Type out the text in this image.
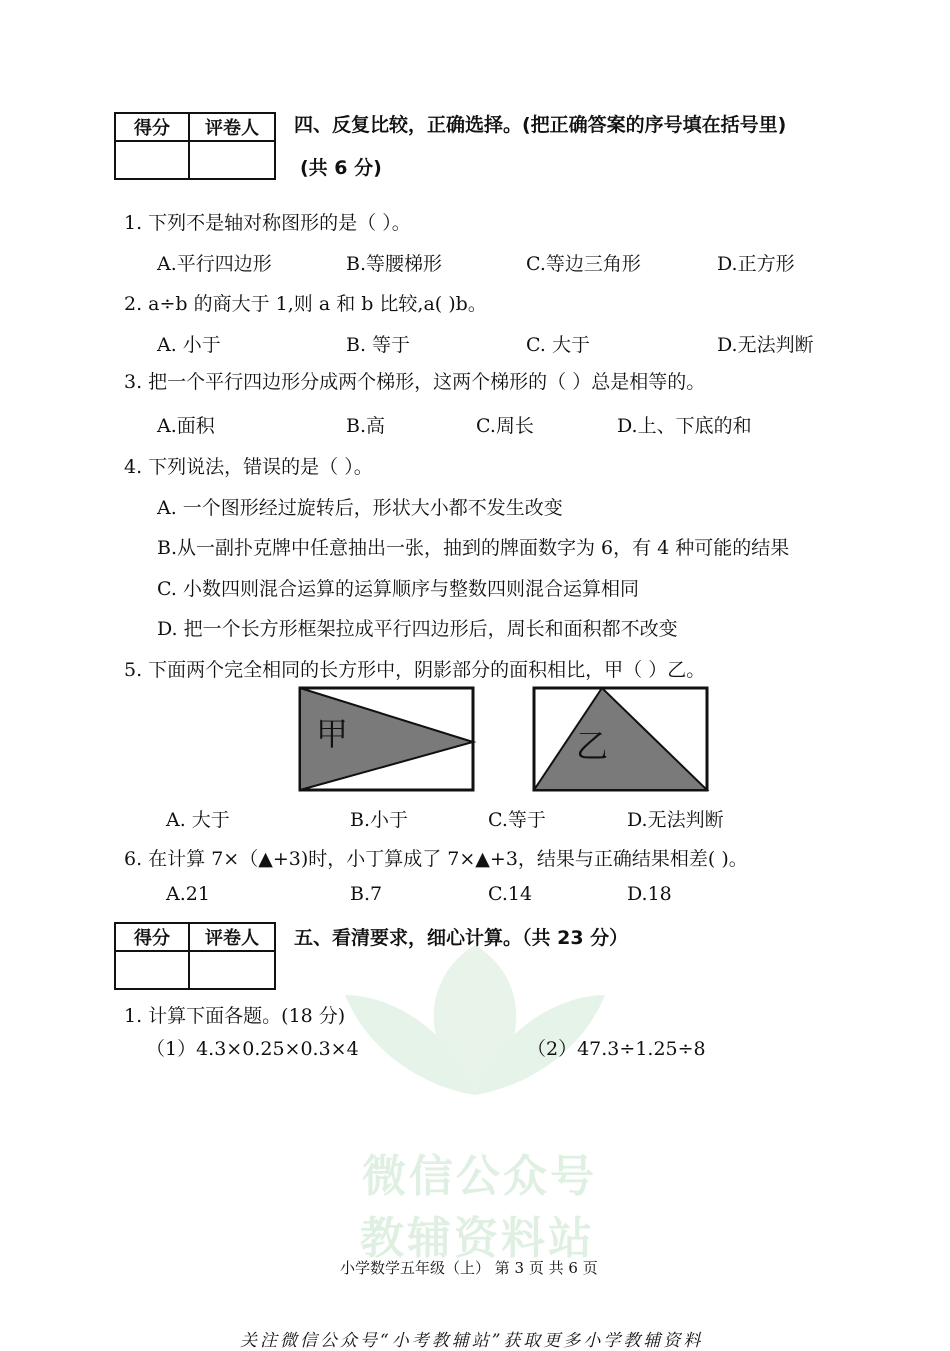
微信公众号
教辅资料站
得分	评卷人
	四、反复比较，正确选择。(把正确答案的序号填在括号里)
(共 6 分)
1. 下列不是轴对称图形的是（ ）。
A.平行四边形	B.等腰梯形	C.等边三角形	D.正方形
2. a÷b 的商大于 1,则 a 和 b 比较,a( )b。
A. 小于	B. 等于	C. 大于	D.无法判断
3. 把一个平行四边形分成两个梯形，这两个梯形的（ ）总是相等的。
A.面积	B.高	C.周长	D.上、下底的和
4. 下列说法，错误的是（ ）。
A. 一个图形经过旋转后，形状大小都不发生改变
B.从一副扑克牌中任意抽出一张，抽到的牌面数字为 6，有 4 种可能的结果
C. 小数四则混合运算的运算顺序与整数四则混合运算相同
D. 把一个长方形框架拉成平行四边形后，周长和面积都不改变
5. 下面两个完全相同的长方形中，阴影部分的面积相比，甲（ ）乙。
甲	乙
A. 大于	B.小于	C.等于	D.无法判断
6. 在计算 7×（▲+3)时，小丁算成了 7×▲+3，结果与正确结果相差( )。
A.21	B.7	C.14	D.18
得分	评卷人
	五、看清要求，细心计算。（共 23 分）
1. 计算下面各题。(18 分)
（1）4.3×0.25×0.3×4	（2）47.3÷1.25÷8
小学数学五年级（上） 第 3 页 共 6 页
关注微信公众号“小考教辅站”获取更多小学教辅资料
